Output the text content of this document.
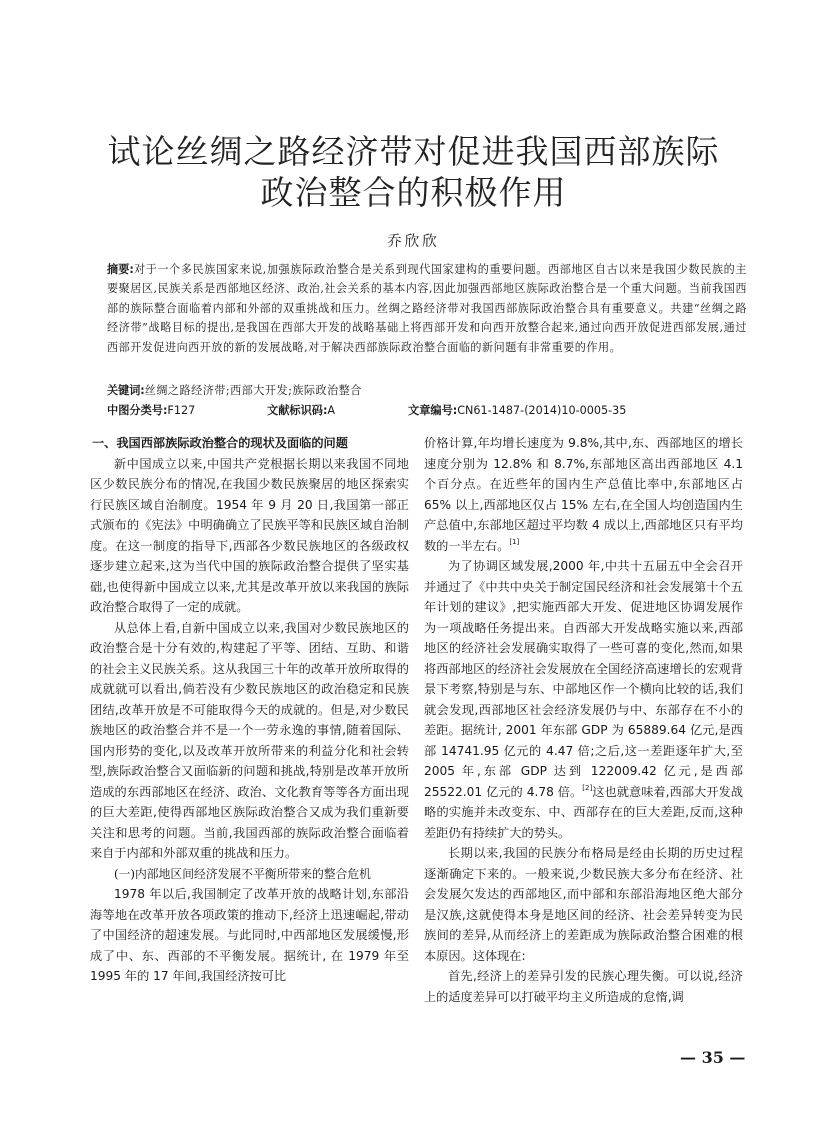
试论丝绸之路经济带对促进我国西部族际
政治整合的积极作用
乔欣欣
摘要:对于一个多民族国家来说,加强族际政治整合是关系到现代国家建构的重要问题。西部地区自古以来是我国少数民族的主要聚居区,民族关系是西部地区经济、政治,社会关系的基本内容,因此加强西部地区族际政治整合是一个重大问题。当前我国西部的族际整合面临着内部和外部的双重挑战和压力。丝绸之路经济带对我国西部族际政治整合具有重要意义。共建“丝绸之路经济带”战略目标的提出,是我国在西部大开发的战略基础上将西部开发和向西开放整合起来,通过向西开放促进西部发展,通过西部开发促进向西开放的新的发展战略,对于解决西部族际政治整合面临的新问题有非常重要的作用。
关键词:丝绸之路经济带;西部大开发;族际政治整合
中图分类号:F127	文献标识码:A	文章编号:CN61-1487-(2014)10-0005-35
一、我国西部族际政治整合的现状及面临的问题

新中国成立以来,中国共产党根据长期以来我国不同地区少数民族分布的情况,在我国少数民族聚居的地区探索实行民族区域自治制度。1954 年 9 月 20 日,我国第一部正式颁布的《宪法》中明确确立了民族平等和民族区域自治制度。在这一制度的指导下,西部各少数民族地区的各级政权逐步建立起来,这为当代中国的族际政治整合提供了坚实基础,也使得新中国成立以来,尤其是改革开放以来我国的族际政治整合取得了一定的成就。

从总体上看,自新中国成立以来,我国对少数民族地区的政治整合是十分有效的,构建起了平等、团结、互助、和谐的社会主义民族关系。这从我国三十年的改革开放所取得的成就就可以看出,倘若没有少数民族地区的政治稳定和民族团结,改革开放是不可能取得今天的成就的。但是,对少数民族地区的政治整合并不是一个一劳永逸的事情,随着国际、国内形势的变化,以及改革开放所带来的利益分化和社会转型,族际政治整合又面临新的问题和挑战,特别是改革开放所造成的东西部地区在经济、政治、文化教育等等各方面出现的巨大差距,使得西部地区族际政治整合又成为我们重新要关注和思考的问题。当前,我国西部的族际政治整合面临着来自于内部和外部双重的挑战和压力。

(一)内部地区间经济发展不平衡所带来的整合危机

1978 年以后,我国制定了改革开放的战略计划,东部沿海等地在改革开放各项政策的推动下,经济上迅速崛起,带动了中国经济的超速发展。与此同时,中西部地区发展缓慢,形成了中、东、西部的不平衡发展。据统计, 在 1979 年至 1995 年的 17 年间,我国经济按可比

价格计算,年均增长速度为 9.8%,其中,东、西部地区的增长速度分别为 12.8% 和 8.7%,东部地区高出西部地区 4.1 个百分点。在近些年的国内生产总值比率中,东部地区占 65% 以上,西部地区仅占 15% 左右,在全国人均创造国内生产总值中,东部地区超过平均数 4 成以上,西部地区只有平均数的一半左右。[1]

为了协调区域发展,2000 年,中共十五届五中全会召开并通过了《中共中央关于制定国民经济和社会发展第十个五年计划的建议》,把实施西部大开发、促进地区协调发展作为一项战略任务提出来。自西部大开发战略实施以来,西部地区的经济社会发展确实取得了一些可喜的变化,然而,如果将西部地区的经济社会发展放在全国经济高速增长的宏观背景下考察,特别是与东、中部地区作一个横向比较的话,我们就会发现,西部地区社会经济发展仍与中、东部存在不小的差距。据统计, 2001 年东部 GDP 为 65889.64 亿元,是西部 14741.95 亿元的 4.47 倍;之后,这一差距逐年扩大,至 2005 年,东部 GDP 达到 122009.42 亿元,是西部 25522.01 亿元的 4.78 倍。[2]这也就意味着,西部大开发战略的实施并未改变东、中、西部存在的巨大差距,反而,这种差距仍有持续扩大的势头。

长期以来,我国的民族分布格局是经由长期的历史过程逐渐确定下来的。一般来说,少数民族大多分布在经济、社会发展欠发达的西部地区,而中部和东部沿海地区绝大部分是汉族,这就使得本身是地区间的经济、社会差异转变为民族间的差异,从而经济上的差距成为族际政治整合困难的根本原因。这体现在:

首先,经济上的差异引发的民族心理失衡。可以说,经济上的适度差异可以打破平均主义所造成的怠惰,调

— 35 —
